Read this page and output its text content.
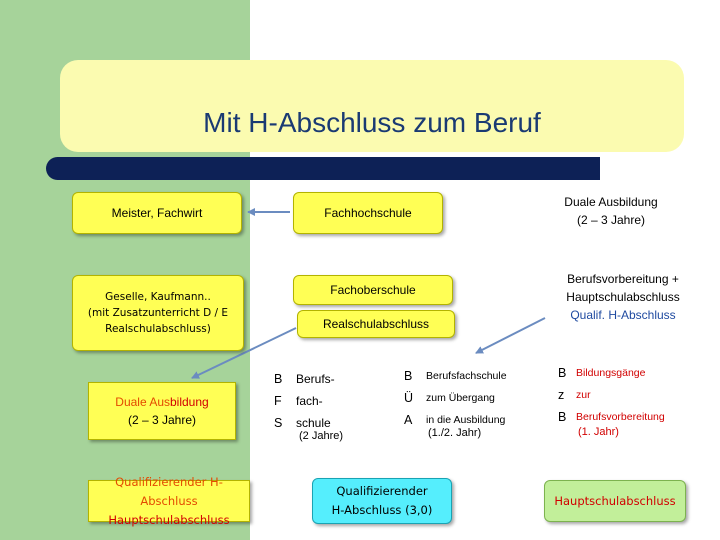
Mit H-Abschluss zum Beruf
Meister, Fachwirt	Fachhochschule
Duale Ausbildung
(2 – 3 Jahre)
Geselle, Kaufmann..
(mit Zusatzunterricht D / E
Realschulabschluss)
Fachoberschule
Realschulabschluss
Berufsvorbereitung +
Hauptschulabschluss
Qualif. H-Abschluss
Duale Ausbildung
(2 – 3 Jahre)
B
F
S
Berufs-
fach-
schule
(2 Jahre)
B
Ü
A
Berufsfachschule
zum Übergang
in die Ausbildung
(1./2. Jahr)
B
z
B
Bildungsgänge
zur
Berufsvorbereitung
(1. Jahr)
Qualifizierender H-Abschluss
Hauptschulabschluss
Qualifizierender
H-Abschluss (3,0)
Hauptschulabschluss
